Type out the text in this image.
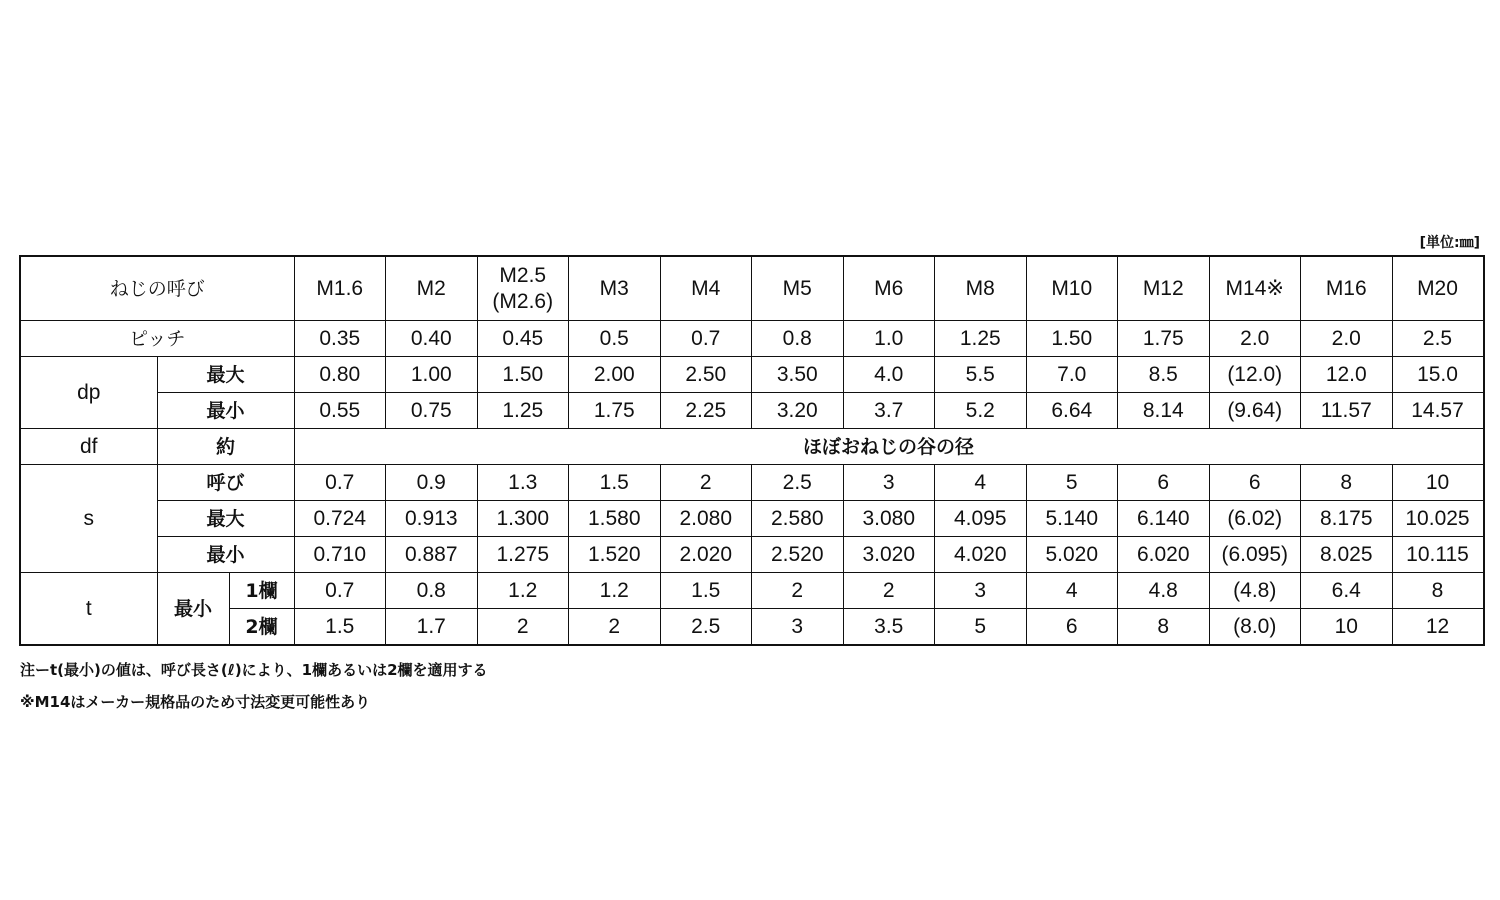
[単位:㎜]
ねじの呼び			M1.6	M2	M2.5 (M2.6)	M3	M4	M5	M6	M8	M10	M12	M14※	M16	M20
ピッチ			0.35	0.40	0.45	0.5	0.7	0.8	1.0	1.25	1.50	1.75	2.0	2.0	2.5
dp	最大		0.80	1.00	1.50	2.00	2.50	3.50	4.0	5.5	7.0	8.5	(12.0)	12.0	15.0
	最小		0.55	0.75	1.25	1.75	2.25	3.20	3.7	5.2	6.64	8.14	(9.64)	11.57	14.57
df	約		ほぼおねじの谷の径												
s	呼び		0.7	0.9	1.3	1.5	2	2.5	3	4	5	6	6	8	10
	最大		0.724	0.913	1.300	1.580	2.080	2.580	3.080	4.095	5.140	6.140	(6.02)	8.175	10.025
	最小		0.710	0.887	1.275	1.520	2.020	2.520	3.020	4.020	5.020	6.020	(6.095)	8.025	10.115
t	最小	1欄	0.7	0.8	1.2	1.2	1.5	2	2	3	4	4.8	(4.8)	6.4	8
		2欄	1.5	1.7	2	2	2.5	3	3.5	5	6	8	(8.0)	10	12
注ーt(最小)の値は、呼び長さ(ℓ)により、1欄あるいは2欄を適用する
※M14はメーカー規格品のため寸法変更可能性あり
